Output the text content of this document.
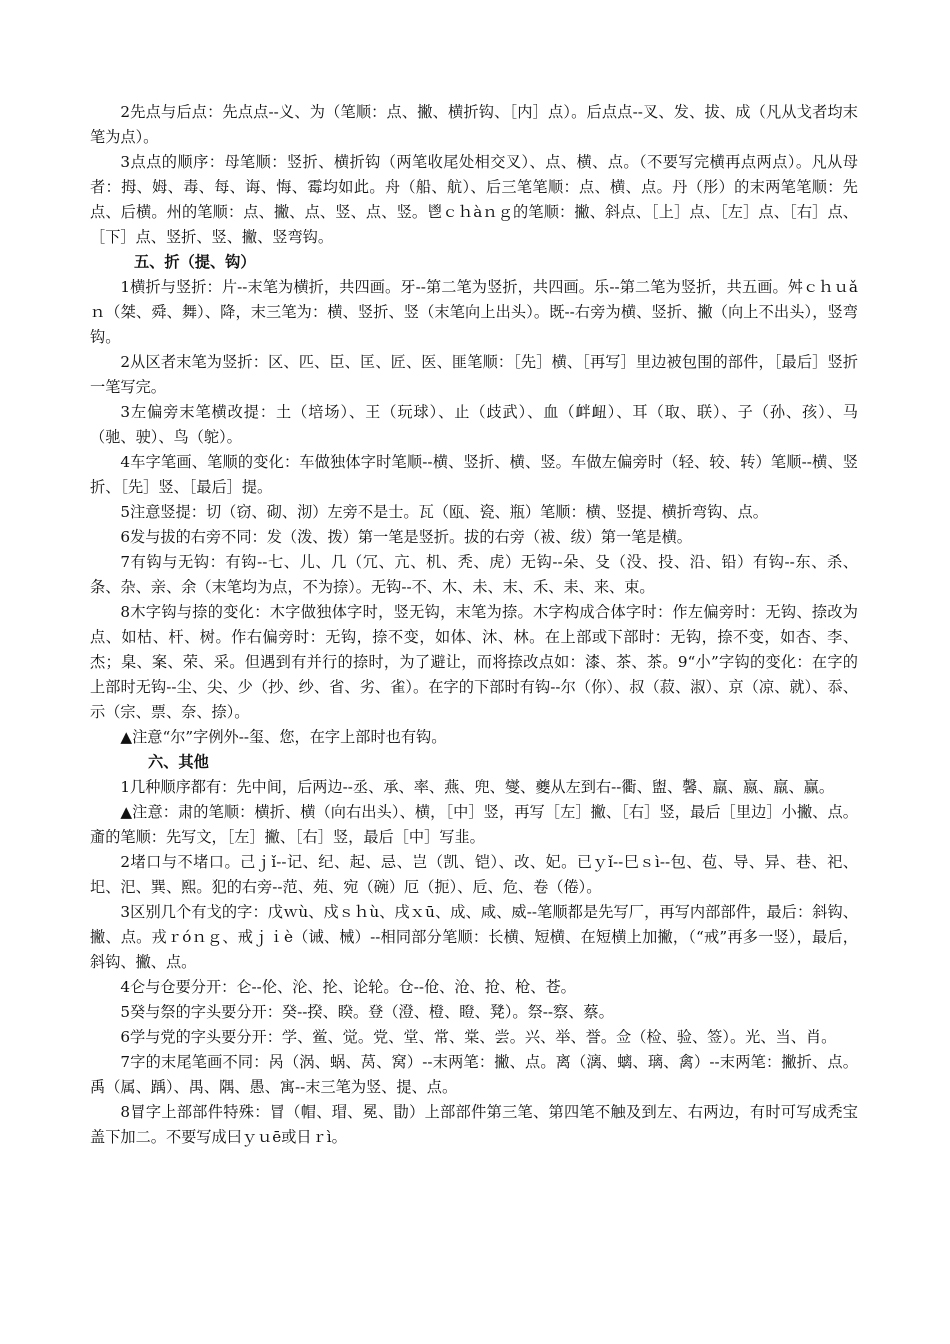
2先点与后点：先点点--义、为（笔顺：点、撇、横折钩、［内］点）。后点点--叉、发、拔、成（凡从戈者均末笔为点）。

3点点的顺序：母笔顺：竖折、横折钩（两笔收尾处相交叉）、点、横、点。（不要写完横再点两点）。凡从母者：拇、姆、毒、每、诲、悔、霉均如此。舟（船、航）、后三笔笔顺：点、横、点。丹（彤）的末两笔笔顺：先点、后横。州的笔顺：点、撇、点、竖、点、竖。鬯ｃｈàｎｇ的笔顺：撇、斜点、［上］点、［左］点、［右］点、［下］点、竖折、竖、撇、竖弯钩。

五、折（提、钩）

1横折与竖折：片--末笔为横折，共四画。牙--第二笔为竖折，共四画。乐--第二笔为竖折，共五画。舛ｃｈｕǎｎ（桀、舜、舞）、降，末三笔为：横、竖折、竖（末笔向上出头）。既--右旁为横、竖折、撇（向上不出头），竖弯钩。

2从区者末笔为竖折：区、匹、臣、匡、匠、医、匪笔顺：［先］横、［再写］里边被包围的部件，［最后］竖折一笔写完。

3左偏旁末笔横改提：土（培场）、王（玩球）、止（歧武）、血（衅衄）、耳（取、联）、子（孙、孩）、马（驰、驶）、鸟（鸵）。

4车字笔画、笔顺的变化：车做独体字时笔顺--横、竖折、横、竖。车做左偏旁时（轻、较、转）笔顺--横、竖折、［先］竖、［最后］提。

5注意竖提：切（窃、砌、沏）左旁不是士。瓦（瓯、瓷、瓶）笔顺：横、竖提、横折弯钩、点。

6发与拔的右旁不同：发（泼、拨）第一笔是竖折。拔的右旁（袚、绂）第一笔是横。

7有钩与无钩：有钩--七、儿、几（冗、亢、机、秃、虎）无钩--朵、殳（没、投、沿、铅）有钩--东、杀、条、杂、亲、余（末笔均为点，不为捺）。无钩--不、木、未、末、禾、耒、来、束。

8木字钩与捺的变化：木字做独体字时，竖无钩，末笔为捺。木字构成合体字时：作左偏旁时：无钩、捺改为点、如枯、杆、树。作右偏旁时：无钩，捺不变，如体、沐、林。在上部或下部时：无钩，捺不变，如杏、李、杰；臬、案、荣、采。但遇到有并行的捺时，为了避让，而将捺改点如：漆、茶、茶。9“小”字钩的变化：在字的上部时无钩--尘、尖、少（抄、纱、省、劣、雀）。在字的下部时有钩--尔（你）、叔（菽、淑）、京（凉、就）、忝、示（宗、票、奈、捺）。

▲注意“尔”字例外--玺、您，在字上部时也有钩。

六、其他

1几种顺序都有：先中间，后两边--丞、承、率、燕、兜、燮、夔从左到右--衢、盥、馨、羸、嬴、羸、赢。

▲注意：肃的笔顺：横折、横（向右出头）、横，［中］竖，再写［左］撇、［右］竖，最后［里边］小撇、点。齑的笔顺：先写文，［左］撇、［右］竖，最后［中］写韭。

2堵口与不堵口。己ｊǐ--记、纪、起、忌、岂（凯、铠）、改、妃。已ｙǐ--巳ｓì--包、苞、导、异、巷、祀、圯、汜、巽、熙。犯的右旁--范、苑、宛（碗）厄（扼）、卮、危、卷（倦）。

3区别几个有戈的字：戊ｗù、戍ｓｈù、戌ｘū、成、咸、威--笔顺都是先写厂，再写内部部件，最后：斜钩、撇、点。戎ｒóｎｇ、戒ｊｉè（诫、械）--相同部分笔顺：长横、短横、在短横上加撇，（“戒”再多一竖），最后，斜钩、撇、点。

4仑与仓要分开：仑--伦、沦、抡、论轮。仓--伧、沧、抢、枪、苍。

5癸与祭的字头要分开：癸--揆、睽。登（澄、橙、瞪、凳）。祭--察、蔡。

6学与党的字头要分开：学、鲎、觉。党、堂、常、棠、尝。兴、举、誉。佥（检、验、签）。光、当、肖。

7字的末尾笔画不同：呙（涡、蜗、莴、窝）--末两笔：撇、点。离（漓、螭、璃、禽）--末两笔：撇折、点。禹（属、踽）、禺、隅、愚、寓--末三笔为竖、提、点。

8冒字上部部件特殊：冒（帽、瑁、冕、勖）上部部件第三笔、第四笔不触及到左、右两边，有时可写成秃宝盖下加二。不要写成曰ｙｕē或日ｒì。
